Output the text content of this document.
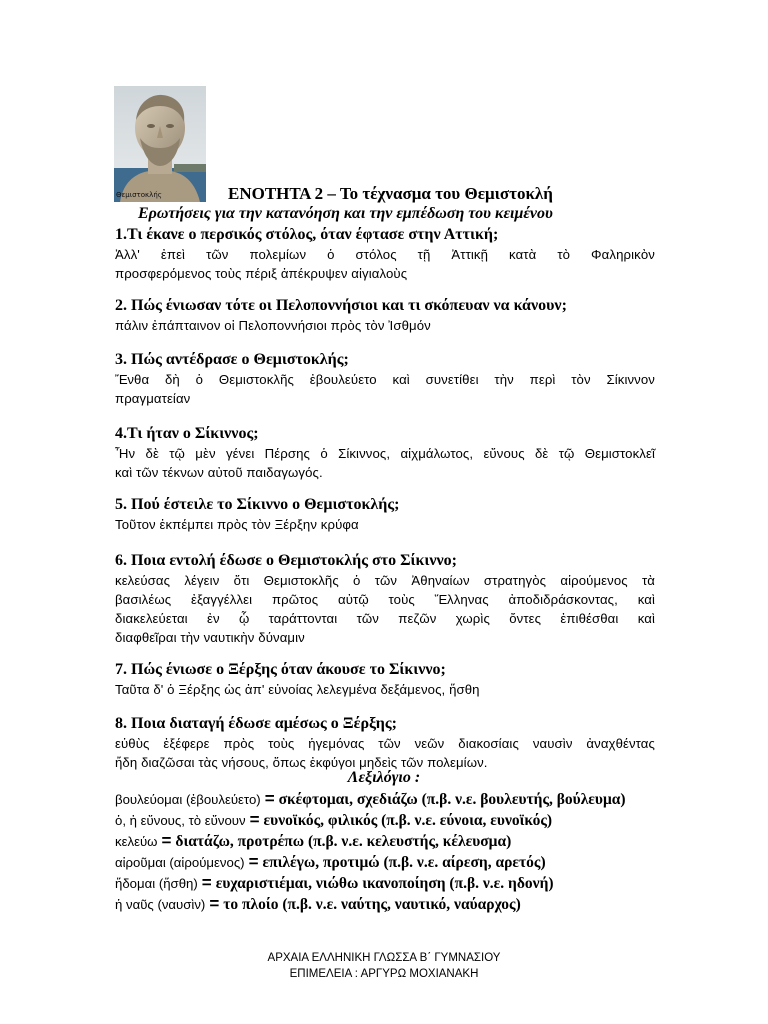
Θεμιστοκλής	ΕΝΟΤΗΤΑ 2 – Το τέχνασμα του Θεμιστοκλή
Ερωτήσεις για την κατανόηση και την εμπέδωση του κειμένου
1.Τι έκανε ο περσικός στόλος, όταν έφτασε στην Αττική;
Ἀλλ' ἐπεὶ τῶν πολεμίων ὁ στόλος τῇ Ἀττικῇ κατὰ τὸ Φαληρικὸν
προσφερόμενος τοὺς πέριξ ἀπέκρυψεν αἰγιαλοὺς
2. Πώς ένιωσαν τότε οι Πελοποννήσιοι και τι σκόπευαν να κάνουν;
πάλιν ἐπάπταινον οἱ Πελοποννήσιοι πρὸς τὸν Ἰσθμόν
3. Πώς αντέδρασε ο Θεμιστοκλής;
Ἔνθα δὴ ὁ Θεμιστοκλῆς ἐβουλεύετο καὶ συνετίθει τὴν περὶ τὸν Σίκιννον
πραγματείαν
4.Τι ήταν ο Σίκιννος;
Ἦν δὲ τῷ μὲν γένει Πέρσης ὁ Σίκιννος, αἰχμάλωτος, εὔνους δὲ τῷ Θεμιστοκλεῖ
καὶ τῶν τέκνων αὐτοῦ παιδαγωγός.
5. Πού έστειλε το Σίκιννο ο Θεμιστοκλής;
Τοῦτον ἐκπέμπει πρὸς τὸν Ξέρξην κρύφα
6. Ποια εντολή έδωσε ο Θεμιστοκλής στο Σίκιννο;
κελεύσας λέγειν ὅτι Θεμιστοκλῆς ὁ τῶν Ἀθηναίων στρατηγὸς αἱρούμενος τὰ
βασιλέως ἐξαγγέλλει πρῶτος αὐτῷ τοὺς Ἕλληνας ἀποδιδράσκοντας, καὶ
διακελεύεται ἐν ᾧ ταράττονται τῶν πεζῶν χωρὶς ὄντες ἐπιθέσθαι καὶ
διαφθεῖραι τὴν ναυτικὴν δύναμιν
7. Πώς ένιωσε ο Ξέρξης όταν άκουσε το Σίκιννο;
Ταῦτα δ' ὁ Ξέρξης ὡς ἀπ' εὐνοίας λελεγμένα δεξάμενος, ἥσθη
8. Ποια διαταγή έδωσε αμέσως ο Ξέρξης;
εὐθὺς ἐξέφερε πρὸς τοὺς ἡγεμόνας τῶν νεῶν διακοσίαις ναυσὶν ἀναχθέντας
ἤδη διαζῶσαι τὰς νήσους, ὅπως ἐκφύγοι μηδεὶς τῶν πολεμίων.
Λεξιλόγιο :
βουλεύομαι (ἐβουλεύετο) = σκέφτομαι, σχεδιάζω (π.β. ν.ε. βουλευτής, βούλευμα)
ὁ, ἡ εὔνους, τὸ εὔνουν = ευνοϊκός, φιλικός (π.β. ν.ε. εύνοια, ευνοϊκός)
κελεύω = διατάζω, προτρέπω (π.β. ν.ε. κελευστής, κέλευσμα)
αἱροῦμαι (αἱρούμενος) = επιλέγω, προτιμώ (π.β. ν.ε. αίρεση, αρετός)
ἥδομαι (ἥσθη) = ευχαριστιέμαι, νιώθω ικανοποίηση (π.β. ν.ε. ηδονή)
ἡ ναῦς (ναυσὶν) = το πλοίο (π.β. ν.ε. ναύτης, ναυτικό, ναύαρχος)
ΑΡΧΑΙΑ ΕΛΛΗΝΙΚΗ ΓΛΩΣΣΑ Β΄ ΓΥΜΝΑΣΙΟΥ
ΕΠΙΜΕΛΕΙΑ : ΑΡΓΥΡΩ ΜΟΧΙΑΝΑΚΗ
